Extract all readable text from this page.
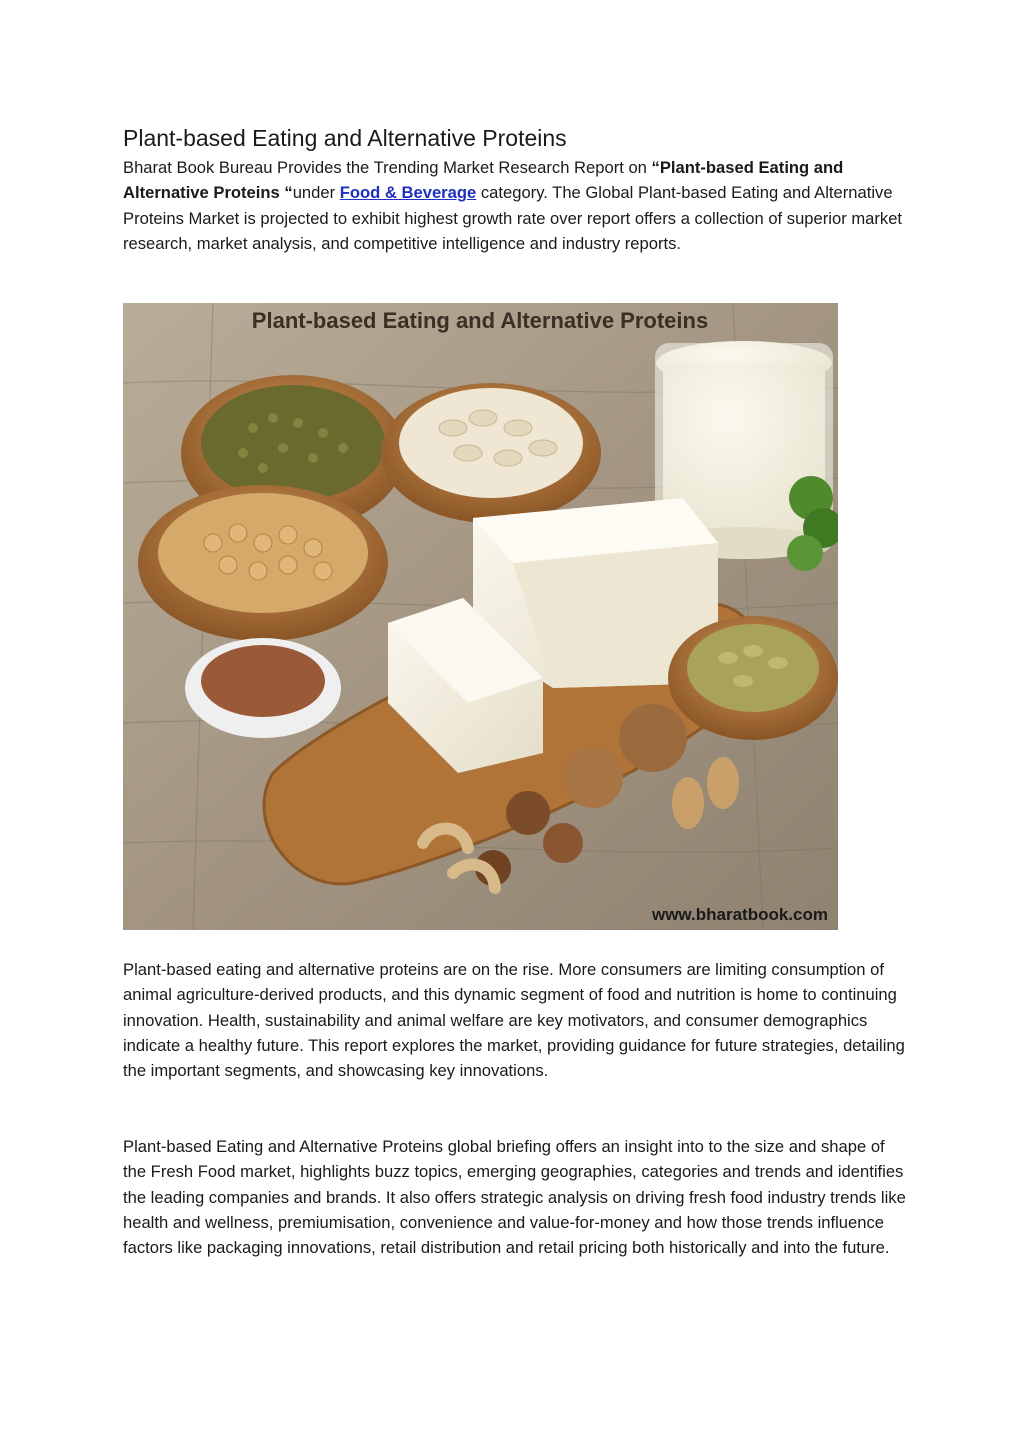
Plant-based Eating and Alternative Proteins

Bharat Book Bureau Provides the Trending Market Research Report on “Plant-based Eating and Alternative Proteins “under Food & Beverage category. The Global Plant-based Eating and Alternative Proteins Market is projected to exhibit highest growth rate over report offers a collection of superior market research, market analysis, and competitive intelligence and industry reports.

Plant-based Eating and Alternative Proteins
www.bharatbook.com

Plant-based eating and alternative proteins are on the rise. More consumers are limiting consumption of animal agriculture-derived products, and this dynamic segment of food and nutrition is home to continuing innovation. Health, sustainability and animal welfare are key motivators, and consumer demographics indicate a healthy future. This report explores the market, providing guidance for future strategies, detailing the important segments, and showcasing key innovations.

Plant-based Eating and Alternative Proteins global briefing offers an insight into to the size and shape of the Fresh Food market, highlights buzz topics, emerging geographies, categories and trends and identifies the leading companies and brands. It also offers strategic analysis on driving fresh food industry trends like health and wellness, premiumisation, convenience and value-for-money and how those trends influence factors like packaging innovations, retail distribution and retail pricing both historically and into the future.
